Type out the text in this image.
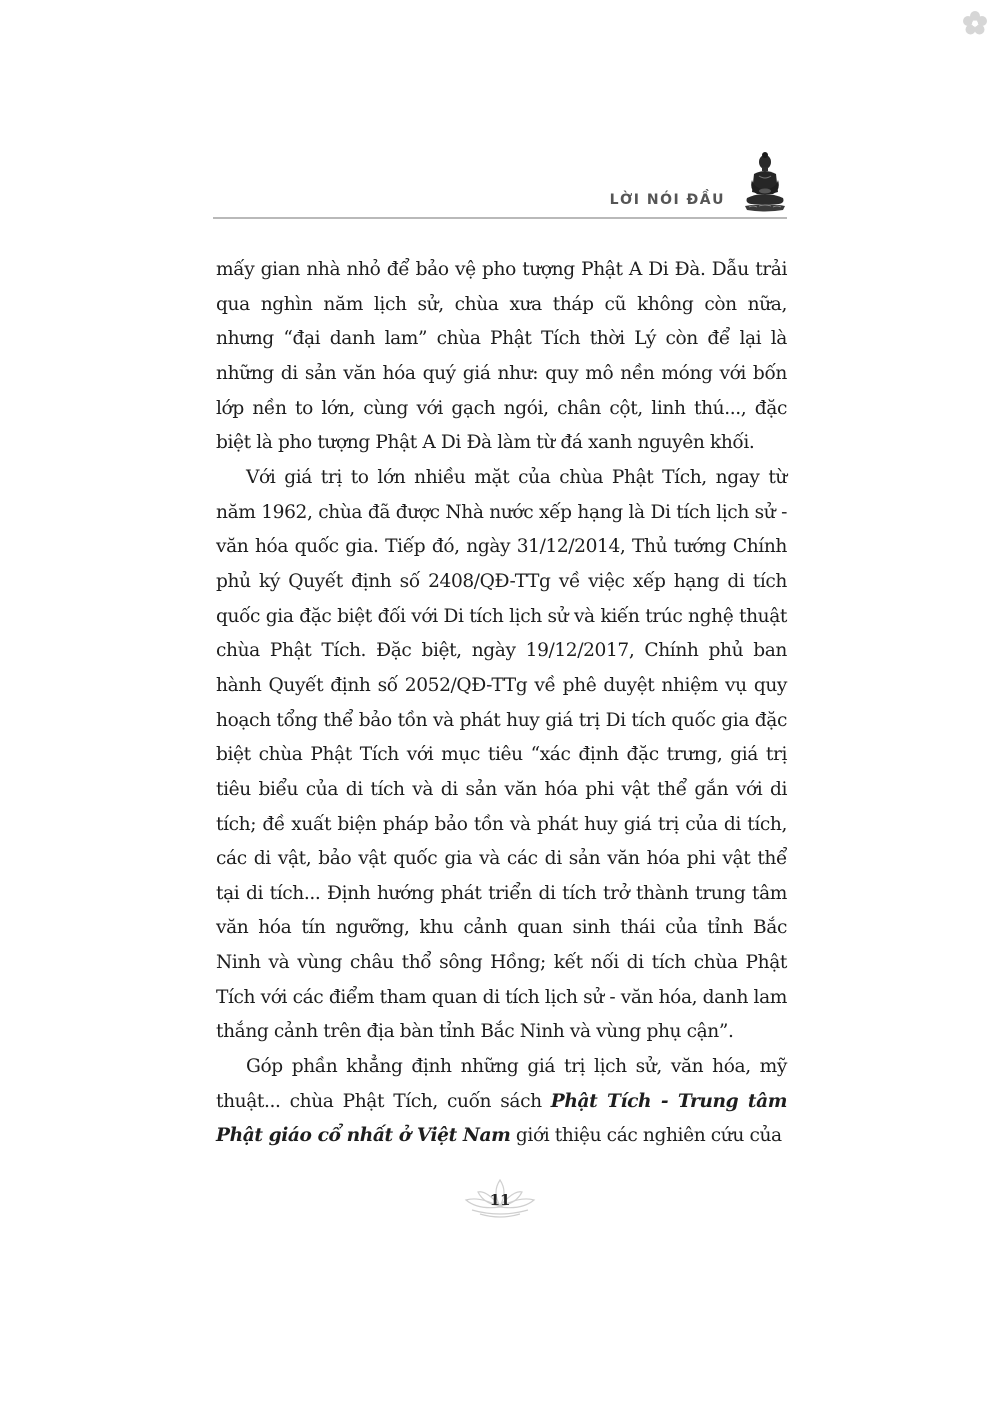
LỜI NÓI ĐẦU

mấy gian nhà nhỏ để bảo vệ pho tượng Phật A Di Đà. Dẫu trải qua nghìn năm lịch sử, chùa xưa tháp cũ không còn nữa, nhưng “đại danh lam” chùa Phật Tích thời Lý còn để lại là những di sản văn hóa quý giá như: quy mô nền móng với bốn lớp nền to lớn, cùng với gạch ngói, chân cột, linh thú..., đặc biệt là pho tượng Phật A Di Đà làm từ đá xanh nguyên khối.

Với giá trị to lớn nhiều mặt của chùa Phật Tích, ngay từ năm 1962, chùa đã được Nhà nước xếp hạng là Di tích lịch sử - văn hóa quốc gia. Tiếp đó, ngày 31/12/2014, Thủ tướng Chính phủ ký Quyết định số 2408/QĐ-TTg về việc xếp hạng di tích quốc gia đặc biệt đối với Di tích lịch sử và kiến trúc nghệ thuật chùa Phật Tích. Đặc biệt, ngày 19/12/2017, Chính phủ ban hành Quyết định số 2052/QĐ-TTg về phê duyệt nhiệm vụ quy hoạch tổng thể bảo tồn và phát huy giá trị Di tích quốc gia đặc biệt chùa Phật Tích với mục tiêu “xác định đặc trưng, giá trị tiêu biểu của di tích và di sản văn hóa phi vật thể gắn với di tích; đề xuất biện pháp bảo tồn và phát huy giá trị của di tích, các di vật, bảo vật quốc gia và các di sản văn hóa phi vật thể tại di tích... Định hướng phát triển di tích trở thành trung tâm văn hóa tín ngưỡng, khu cảnh quan sinh thái của tỉnh Bắc Ninh và vùng châu thổ sông Hồng; kết nối di tích chùa Phật Tích với các điểm tham quan di tích lịch sử - văn hóa, danh lam thắng cảnh trên địa bàn tỉnh Bắc Ninh và vùng phụ cận”.

Góp phần khẳng định những giá trị lịch sử, văn hóa, mỹ thuật... chùa Phật Tích, cuốn sách Phật Tích - Trung tâm Phật giáo cổ nhất ở Việt Nam giới thiệu các nghiên cứu của

11
